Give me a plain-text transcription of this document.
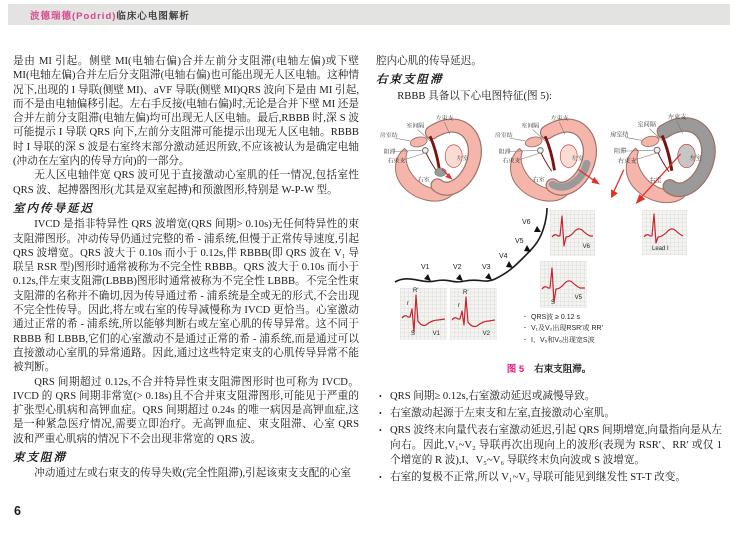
波德瑞德(Podrid)临床心电图解析

是由 MI 引起。侧壁 MI(电轴右偏)合并左前分支阻滞(电轴左偏)或下壁 MI(电轴左偏)合并左后分支阻滞(电轴右偏)也可能出现无人区电轴。这种情况下,出现的 I 导联(侧壁 MI)、aVF 导联(侧壁 MI)QRS 波向下是由 MI 引起,而不是由电轴偏移引起。左右手反接(电轴右偏)时,无论是合并下壁 MI 还是合并左前分支阻滞(电轴左偏)均可出现无人区电轴。最后,RBBB 时,深 S 波可能提示 I 导联 QRS 向下,左前分支阻滞可能提示出现无人区电轴。RBBB 时 I 导联的深 S 波是右室终末部分激动延迟所致,不应该被认为是确定电轴(冲动在左室内的传导方向)的一部分。

无人区电轴伴宽 QRS 波可见于直接激动心室肌的任一情况,包括室性 QRS 波、起搏器图形(尤其是双室起搏)和预激图形,特别是 W-P-W 型。

室内传导延迟

IVCD 是指非特异性 QRS 波增宽(QRS 间期> 0.10s)无任何特异性的束支阻滞图形。冲动传导仍通过完整的希 - 浦系统,但慢于正常传导速度,引起 QRS 波增宽。QRS 波大于 0.10s 而小于 0.12s,伴 RBBB(即 QRS 波在 V₁ 导联呈 RSR 型)图形时通常被称为不完全性 RBBB。QRS 波大于 0.10s 而小于 0.12s,伴左束支阻滞(LBBB)图形时通常被称为不完全性 LBBB。不完全性束支阻滞的名称并不确切,因为传导通过希 - 浦系统是全或无的形式,不会出现不完全性传导。因此,将左或右室的传导减慢称为 IVCD 更恰当。心室激动通过正常的希 - 浦系统,所以能够判断右或左室心肌的传导异常。这不同于 RBBB 和 LBBB,它们的心室激动不是通过正常的希 - 浦系统,而是通过可以直接激动心室肌的异常通路。因此,通过这些特定束支的心肌传导异常不能被判断。

QRS 间期超过 0.12s,不合并特异性束支阻滞图形时也可称为 IVCD。IVCD 的 QRS 间期非常宽(> 0.18s)且不合并束支阻滞图形,可能见于严重的扩张型心肌病和高钾血症。QRS 间期超过 0.24s 的唯一病因是高钾血症,这是一种紧急医疗情况,需要立即治疗。无高钾血症、束支阻滞、心室 QRS 波和严重心肌病的情况下不会出现非常宽的 QRS 波。

束支阻滞

冲动通过左或右束支的传导失败(完全性阻滞),引起该束支支配的心室

腔内心肌的传导延迟。

右束支阻滞

RBBB 具备以下心电图特征(图 5):

左束支
室间隔
房室结
阻滞
右束支	左室
右室
左束支
室间隔
房室结
阻滞
右束支	左室
右室
左束支
室间隔
房室结
阻滞
右束支	左室
右室
V1	V2	V3
V4
V5
V6
R′
r
S	V1
R′
r
V2
S
V5
V6	Lead I
· QRS波 ≥ 0.12 s
· V₁及V₂出现RSR′或 RR′
· I、V₅和V₆出现宽S波
图 5 右束支阻滞。
• QRS 间期≥ 0.12s,右室激动延迟或减慢导致。
• 右室激动起源于左束支和左室,直接激动心室肌。
• QRS 波终末向量代表右室激动延迟,引起 QRS 间期增宽,向量指向是从左向右。因此,V₁~V₂ 导联再次出现向上的波形(表现为 RSR′、RR′ 或仅 1 个增宽的 R 波),I、V₅~V₆ 导联终末负向波或 S 波增宽。
• 右室的复极不正常,所以 V₁~V₃ 导联可能见到继发性 ST-T 改变。
6
